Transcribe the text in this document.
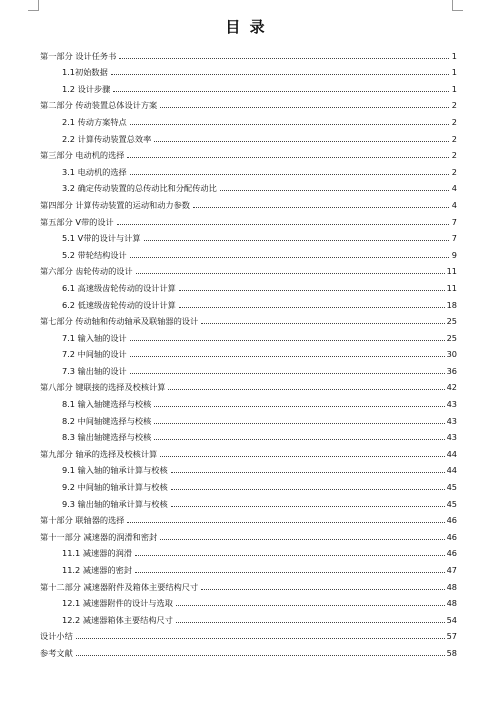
目 录
第一部分 设计任务书	1
1.1初始数据	1
1.2 设计步骤	1
第二部分 传动装置总体设计方案	2
2.1 传动方案特点	2
2.2 计算传动装置总效率	2
第三部分 电动机的选择	2
3.1 电动机的选择	2
3.2 确定传动装置的总传动比和分配传动比	4
第四部分 计算传动装置的运动和动力参数	4
第五部分 V带的设计	7
5.1 V带的设计与计算	7
5.2 带轮结构设计	9
第六部分 齿轮传动的设计	11
6.1 高速级齿轮传动的设计计算	11
6.2 低速级齿轮传动的设计计算	18
第七部分 传动轴和传动轴承及联轴器的设计	25
7.1 输入轴的设计	25
7.2 中间轴的设计	30
7.3 输出轴的设计	36
第八部分 键联接的选择及校核计算	42
8.1 输入轴键选择与校核	43
8.2 中间轴键选择与校核	43
8.3 输出轴键选择与校核	43
第九部分 轴承的选择及校核计算	44
9.1 输入轴的轴承计算与校核	44
9.2 中间轴的轴承计算与校核	45
9.3 输出轴的轴承计算与校核	45
第十部分 联轴器的选择	46
第十一部分 减速器的润滑和密封	46
11.1 减速器的润滑	46
11.2 减速器的密封	47
第十二部分 减速器附件及箱体主要结构尺寸	48
12.1 减速器附件的设计与选取	48
12.2 减速器箱体主要结构尺寸	54
设计小结	57
参考文献	58
